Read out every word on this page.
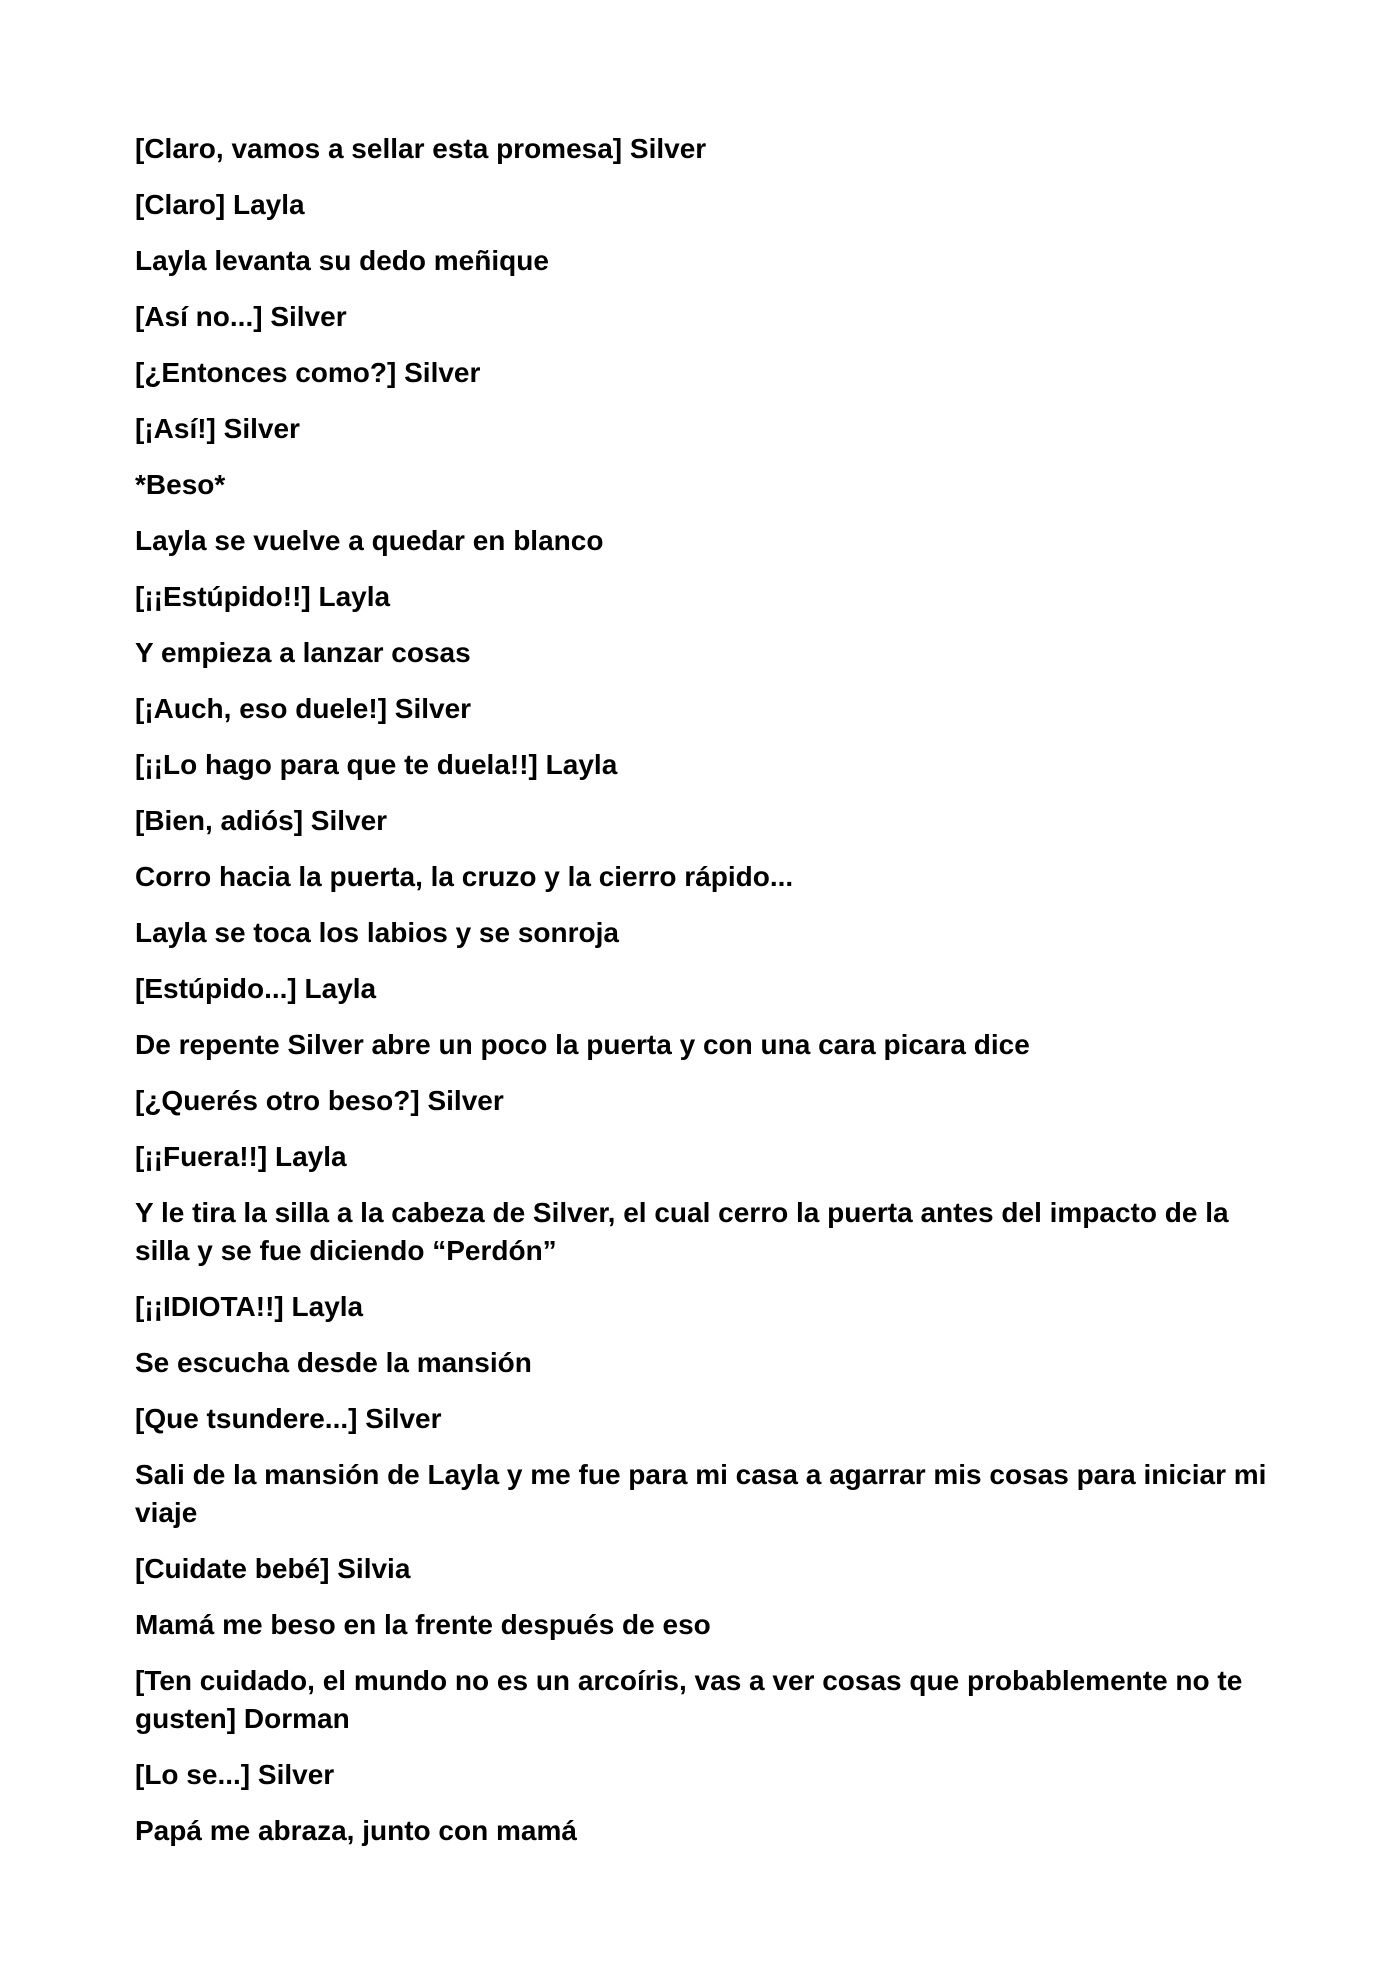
[Claro, vamos a sellar esta promesa] Silver

[Claro] Layla

Layla levanta su dedo meñique

[Así no...] Silver

[¿Entonces como?] Silver

[¡Así!] Silver

*Beso*

Layla se vuelve a quedar en blanco

[¡¡Estúpido!!] Layla

Y empieza a lanzar cosas

[¡Auch, eso duele!] Silver

[¡¡Lo hago para que te duela!!] Layla

[Bien, adiós] Silver

Corro hacia la puerta, la cruzo y la cierro rápido...

Layla se toca los labios y se sonroja

[Estúpido...] Layla

De repente Silver abre un poco la puerta y con una cara picara dice

[¿Querés otro beso?] Silver

[¡¡Fuera!!] Layla

Y le tira la silla a la cabeza de Silver, el cual cerro la puerta antes del impacto de la silla y se fue diciendo “Perdón”

[¡¡IDIOTA!!] Layla

Se escucha desde la mansión

[Que tsundere...] Silver

Sali de la mansión de Layla y me fue para mi casa a agarrar mis cosas para iniciar mi viaje

[Cuidate bebé] Silvia

Mamá me beso en la frente después de eso

[Ten cuidado, el mundo no es un arcoíris, vas a ver cosas que probablemente no te gusten] Dorman

[Lo se...] Silver

Papá me abraza, junto con mamá
